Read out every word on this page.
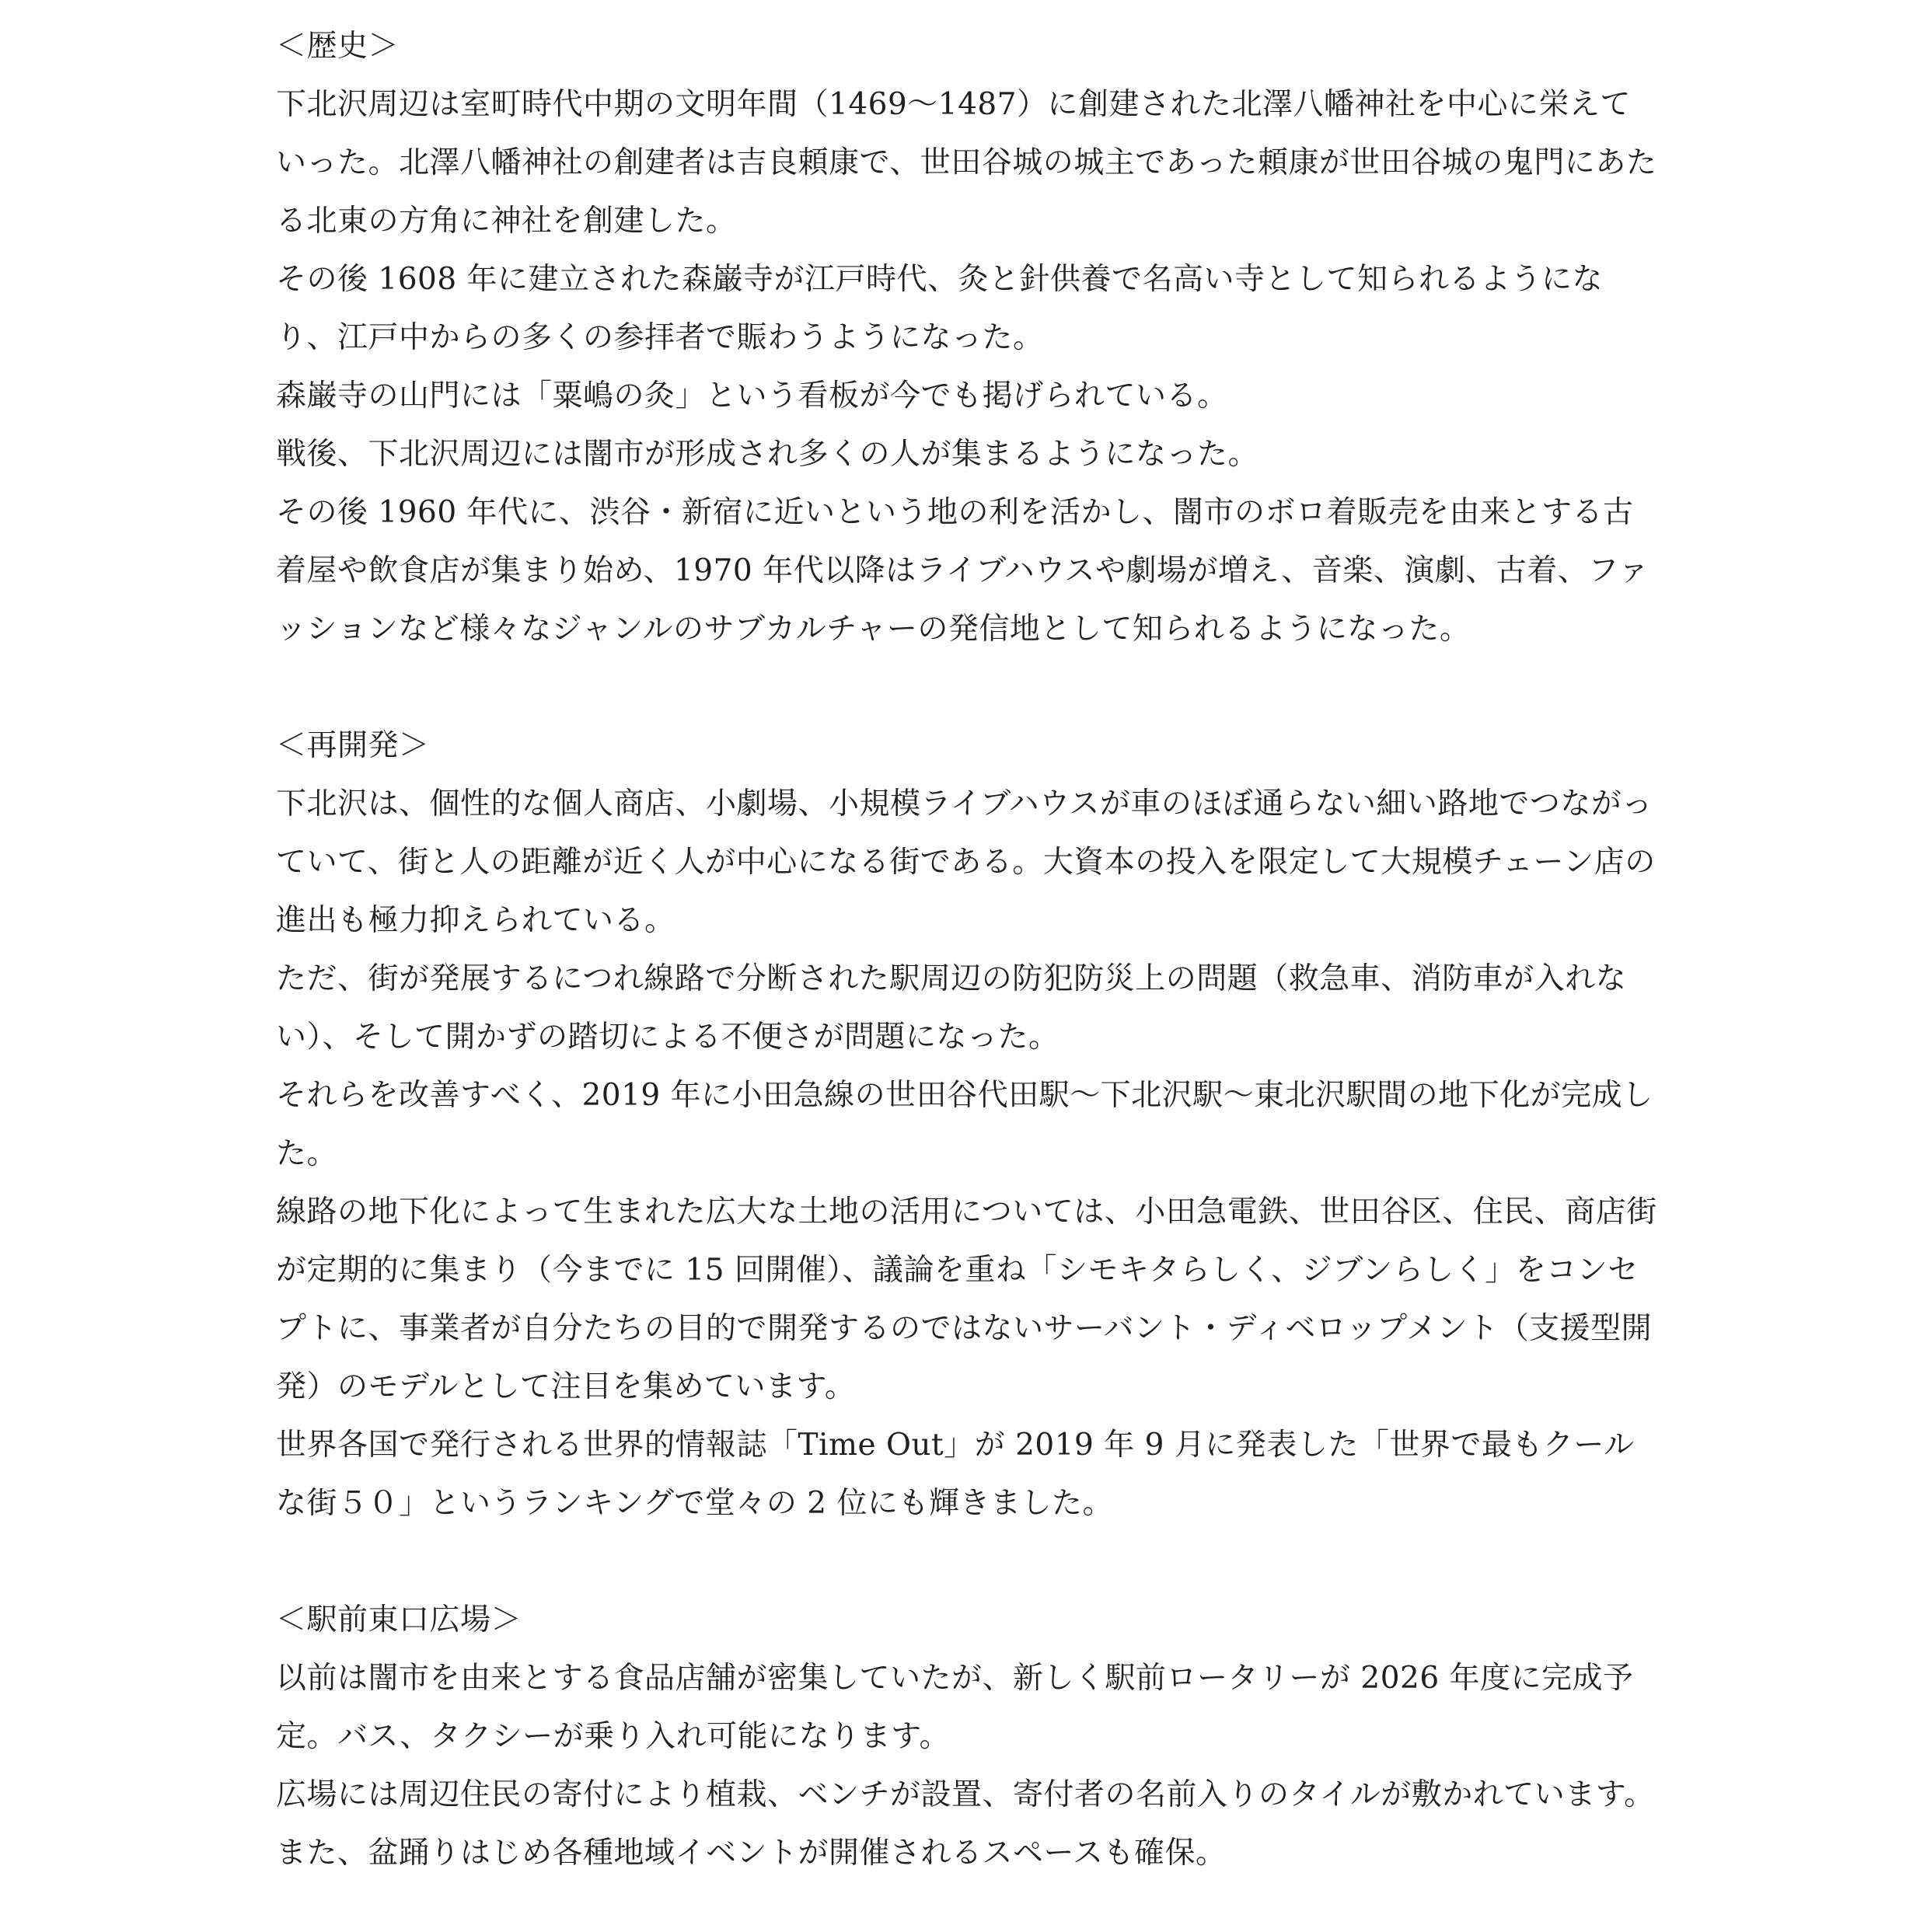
＜歴史＞

下北沢周辺は室町時代中期の文明年間（1469〜1487）に創建された北澤八幡神社を中心に栄えていった。北澤八幡神社の創建者は吉良頼康で、世田谷城の城主であった頼康が世田谷城の鬼門にあたる北東の方角に神社を創建した。

その後 1608 年に建立された森巌寺が江戸時代、灸と針供養で名高い寺として知られるようになり、江戸中からの多くの参拝者で賑わうようになった。

森巌寺の山門には「粟嶋の灸」という看板が今でも掲げられている。

戦後、下北沢周辺には闇市が形成され多くの人が集まるようになった。

その後 1960 年代に、渋谷・新宿に近いという地の利を活かし、闇市のボロ着販売を由来とする古着屋や飲食店が集まり始め、1970 年代以降はライブハウスや劇場が増え、音楽、演劇、古着、ファッションなど様々なジャンルのサブカルチャーの発信地として知られるようになった。

＜再開発＞

下北沢は、個性的な個人商店、小劇場、小規模ライブハウスが車のほぼ通らない細い路地でつながっていて、街と人の距離が近く人が中心になる街である。大資本の投入を限定して大規模チェーン店の進出も極力抑えられている。

ただ、街が発展するにつれ線路で分断された駅周辺の防犯防災上の問題（救急車、消防車が入れない）、そして開かずの踏切による不便さが問題になった。

それらを改善すべく、2019 年に小田急線の世田谷代田駅〜下北沢駅〜東北沢駅間の地下化が完成した。

線路の地下化によって生まれた広大な土地の活用については、小田急電鉄、世田谷区、住民、商店街が定期的に集まり（今までに 15 回開催）、議論を重ね「シモキタらしく、ジブンらしく」をコンセプトに、事業者が自分たちの目的で開発するのではないサーバント・ディベロップメント（支援型開発）のモデルとして注目を集めています。

世界各国で発行される世界的情報誌「Time Out」が 2019 年 9 月に発表した「世界で最もクールな街５０」というランキングで堂々の 2 位にも輝きました。

＜駅前東口広場＞

以前は闇市を由来とする食品店舗が密集していたが、新しく駅前ロータリーが 2026 年度に完成予定。バス、タクシーが乗り入れ可能になります。

広場には周辺住民の寄付により植栽、ベンチが設置、寄付者の名前入りのタイルが敷かれています。また、盆踊りはじめ各種地域イベントが開催されるスペースも確保。
